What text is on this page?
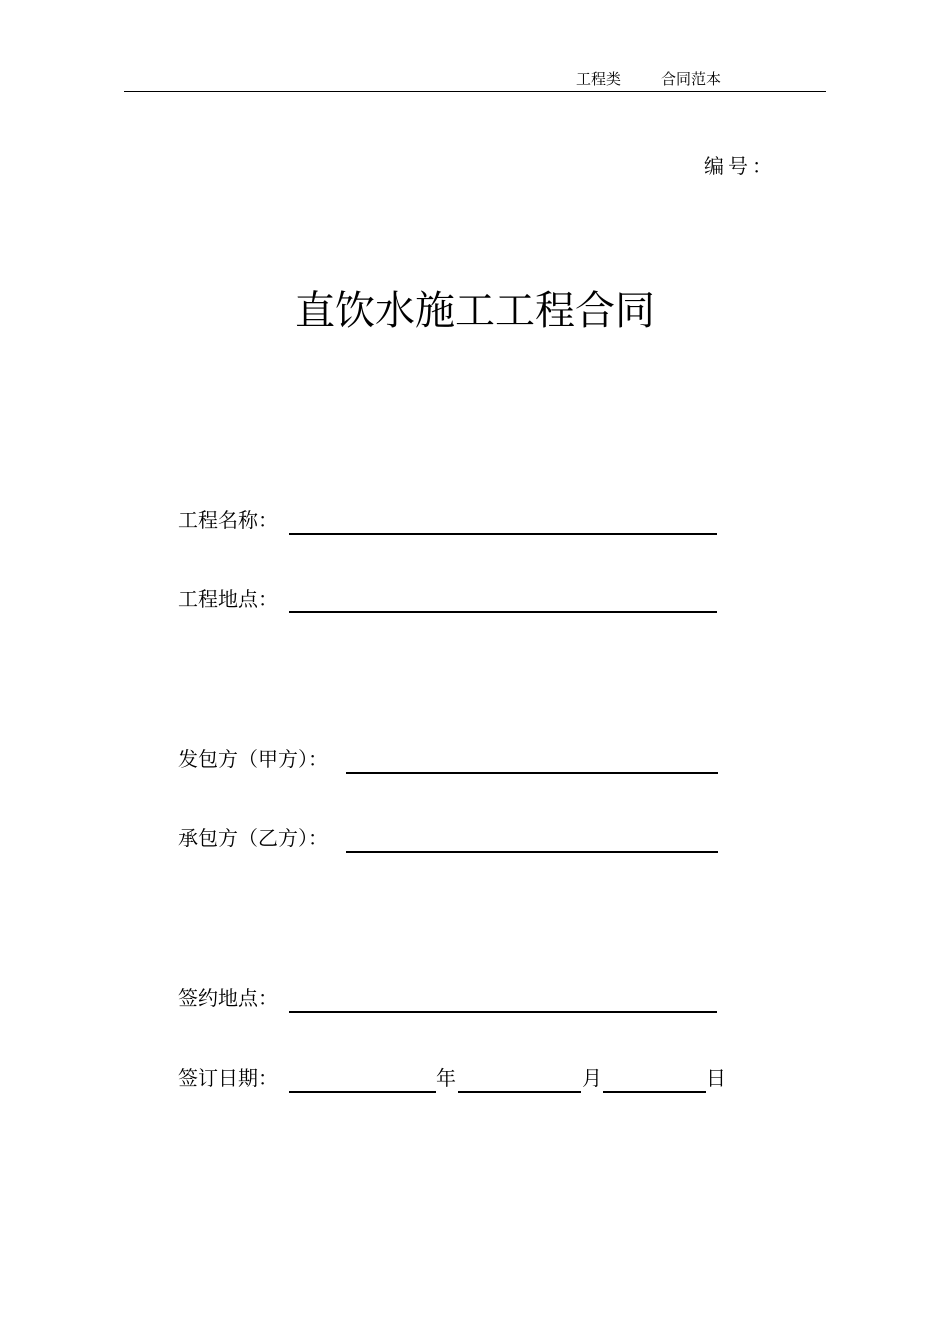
工程类	合同范本
编号：
直饮水施工工程合同
工程名称：
工程地点：
发包方（甲方）：
承包方（乙方）：
签约地点：
签订日期：	年	月	日
